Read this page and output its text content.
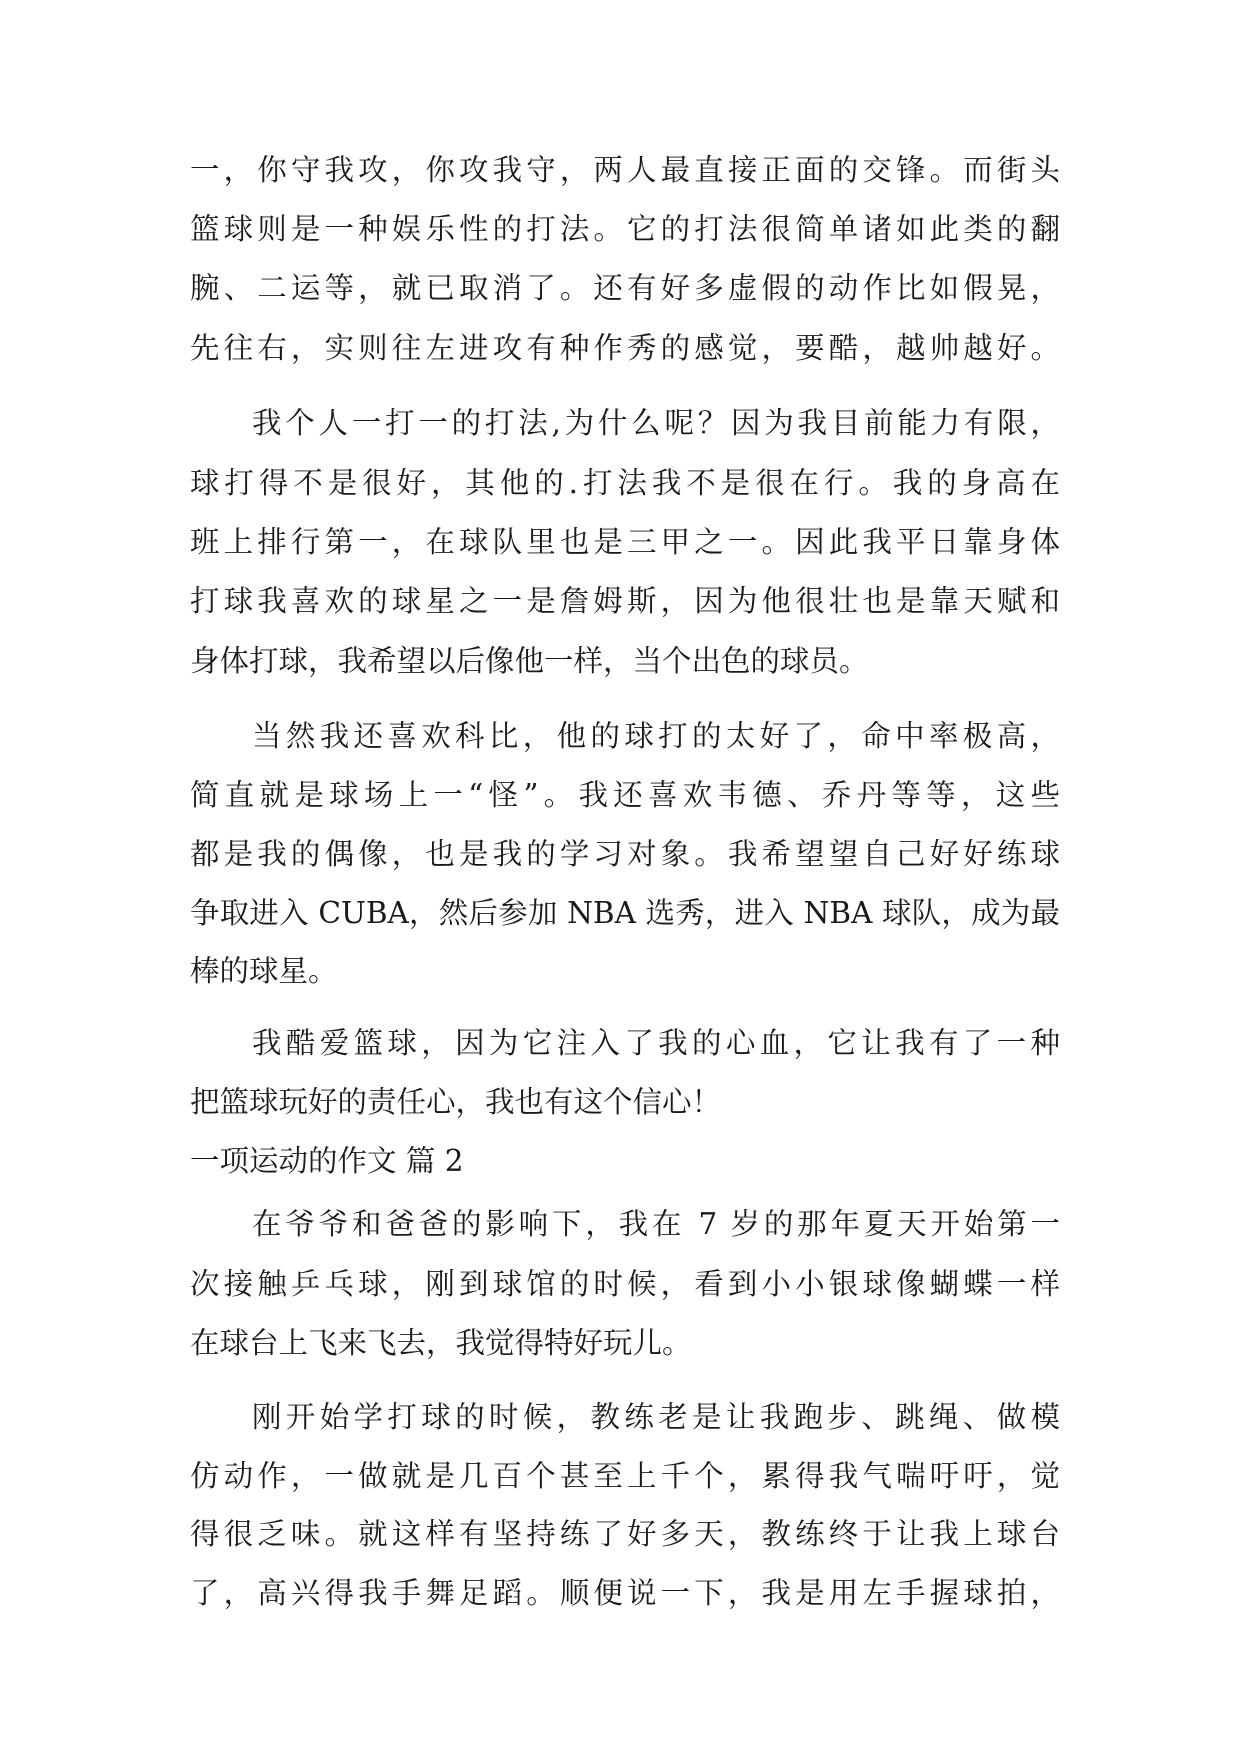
一，你守我攻，你攻我守，两人最直接正面的交锋。而街头
篮球则是一种娱乐性的打法。它的打法很简单诸如此类的翻
腕、二运等，就已取消了。还有好多虚假的动作比如假晃，
先往右，实则往左进攻有种作秀的感觉，要酷，越帅越好。
我个人一打一的打法,为什么呢？因为我目前能力有限，
球打得不是很好，其他的.打法我不是很在行。我的身高在
班上排行第一，在球队里也是三甲之一。因此我平日靠身体
打球我喜欢的球星之一是詹姆斯，因为他很壮也是靠天赋和
身体打球，我希望以后像他一样，当个出色的球员。
当然我还喜欢科比，他的球打的太好了，命中率极高，
简直就是球场上一“怪”。我还喜欢韦德、乔丹等等，这些
都是我的偶像，也是我的学习对象。我希望望自己好好练球
争取进入 CUBA，然后参加 NBA 选秀，进入 NBA 球队，成为最
棒的球星。
我酷爱篮球，因为它注入了我的心血，它让我有了一种
把篮球玩好的责任心，我也有这个信心！
一项运动的作文 篇 2
在爷爷和爸爸的影响下，我在 7 岁的那年夏天开始第一
次接触乒乓球，刚到球馆的时候，看到小小银球像蝴蝶一样
在球台上飞来飞去，我觉得特好玩儿。
刚开始学打球的时候，教练老是让我跑步、跳绳、做模
仿动作，一做就是几百个甚至上千个，累得我气喘吁吁，觉
得很乏味。就这样有坚持练了好多天，教练终于让我上球台
了，高兴得我手舞足蹈。顺便说一下，我是用左手握球拍，
